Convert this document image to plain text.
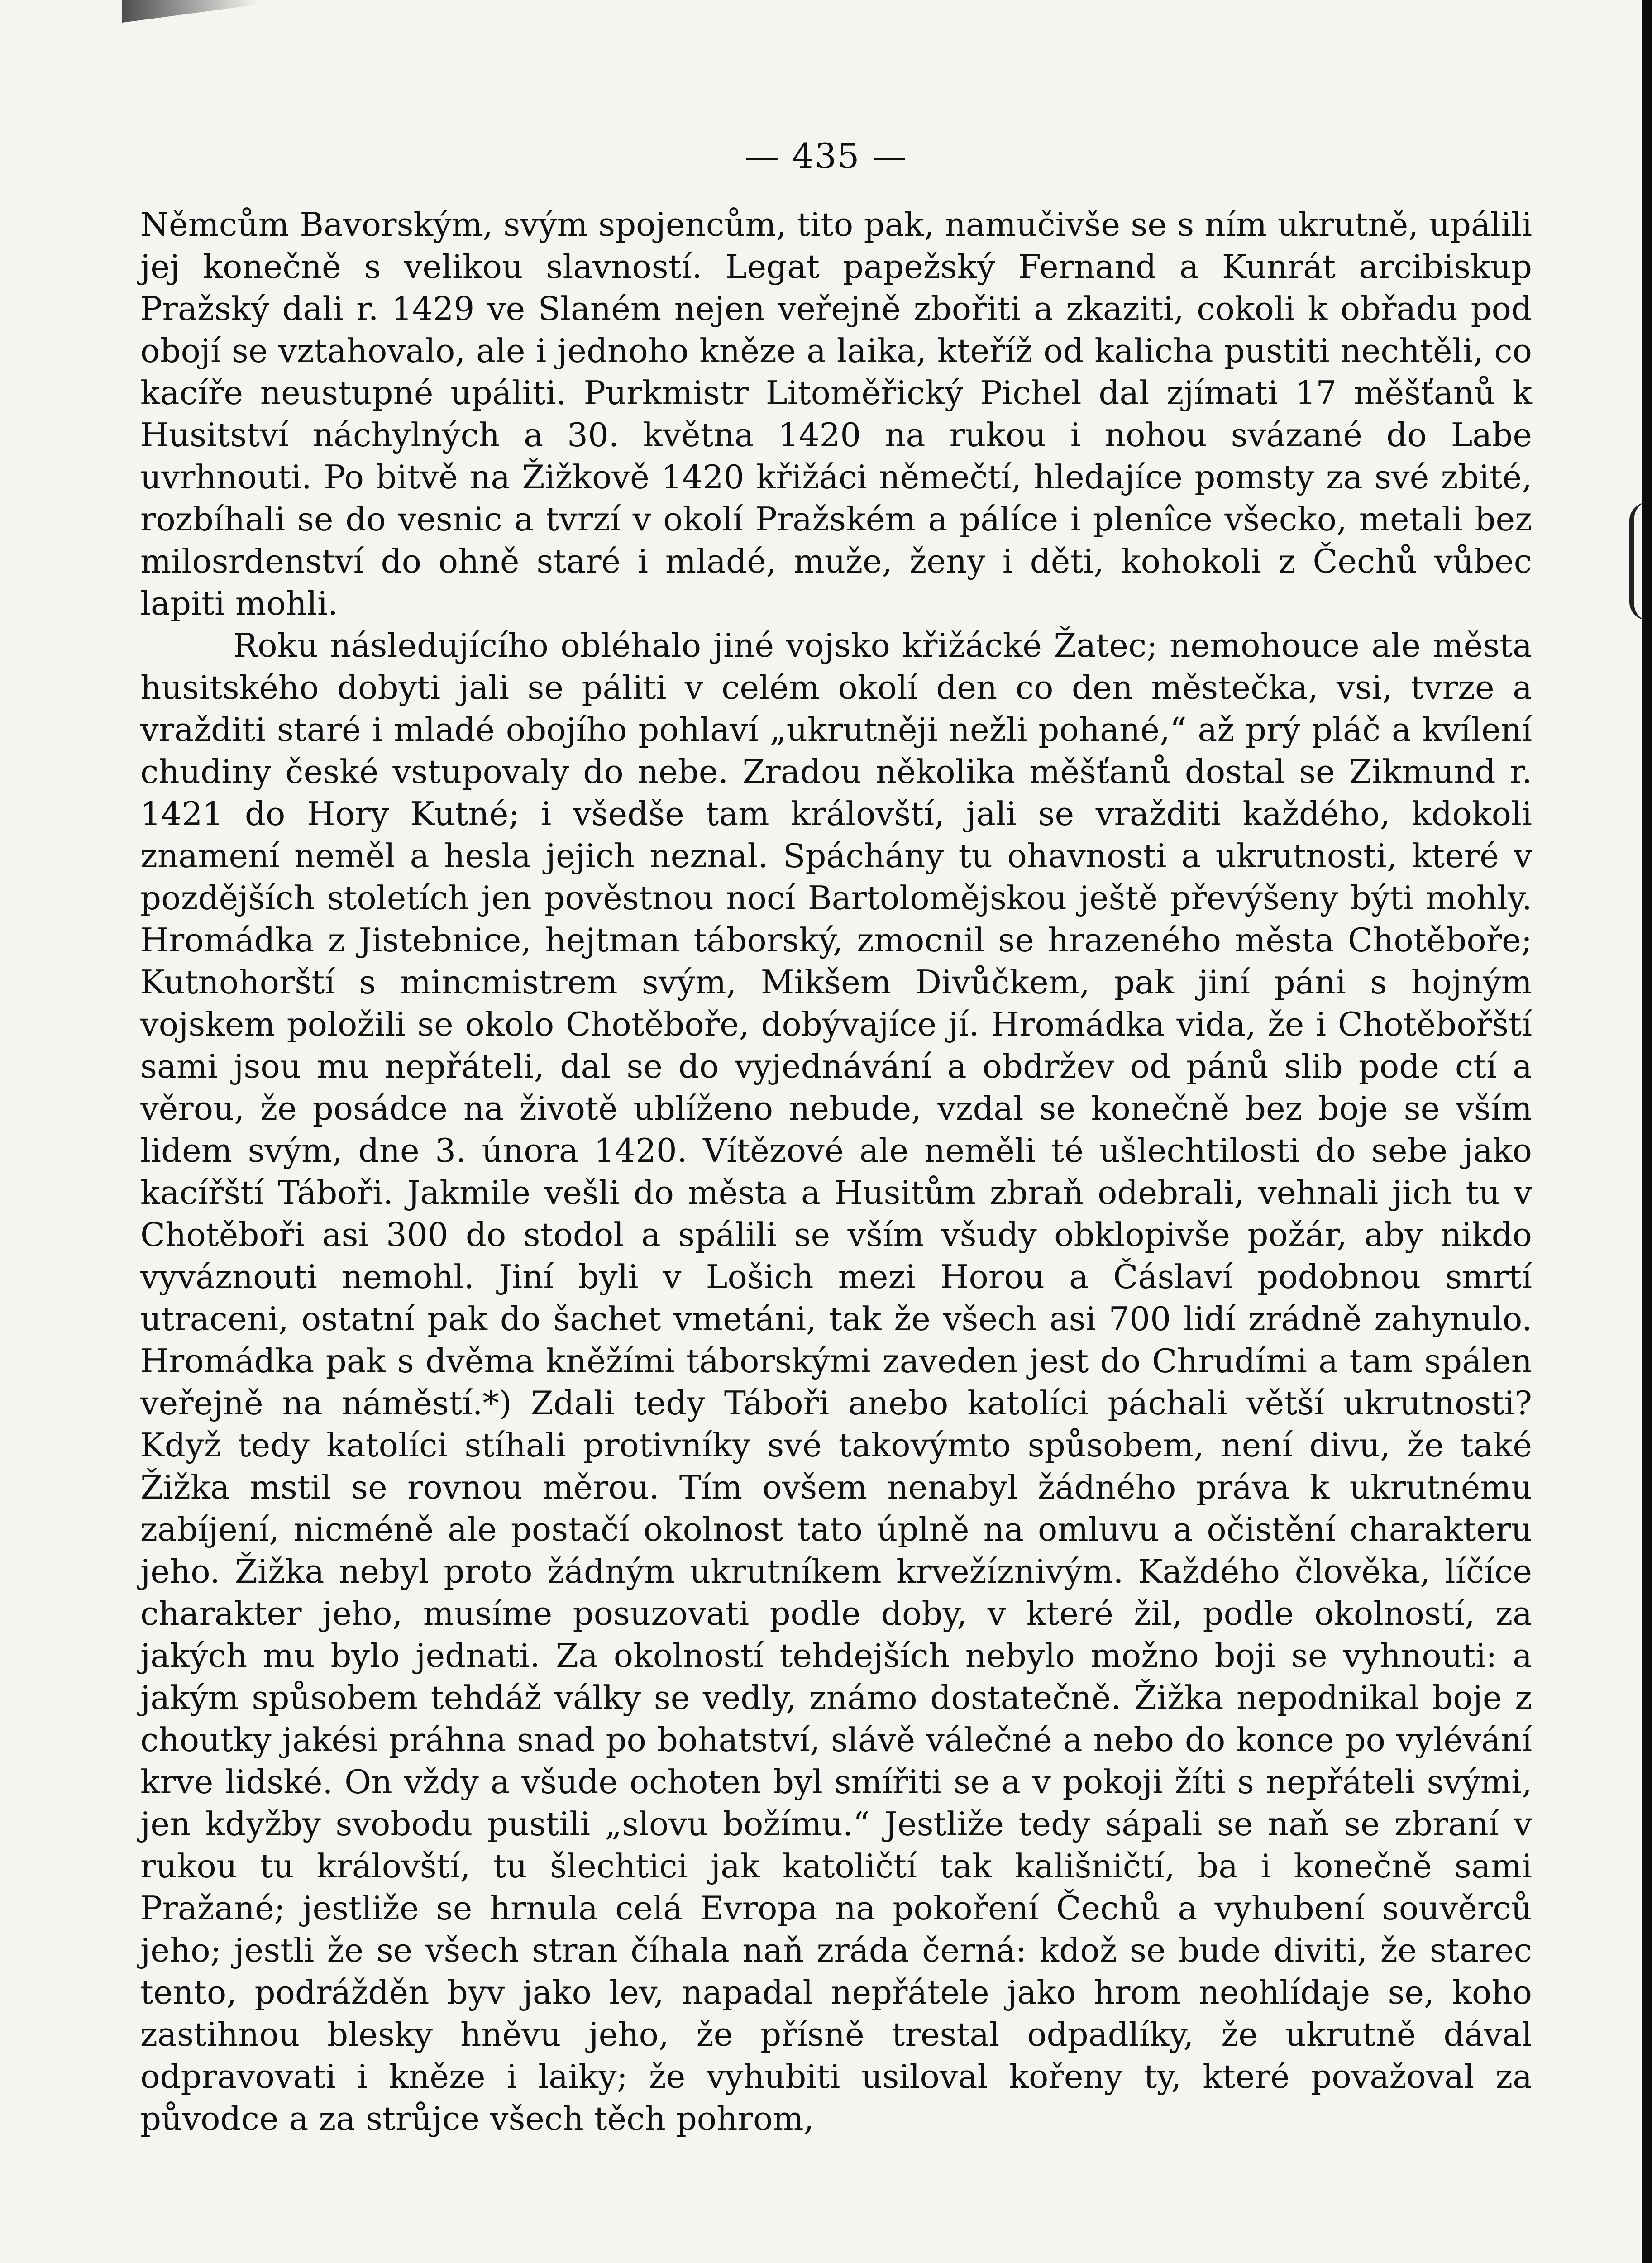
— 435 —

Němcům Bavorským, svým spojencům, tito pak, namučivše se s ním ukrutně, upálili jej konečně s velikou slavností. Legat papežský Fernand a Kunrát arcibiskup Pražský dali r. 1429 ve Slaném nejen veřejně zbořiti a zkaziti, cokoli k obřadu pod obojí se vztahovalo, ale i jednoho kněze a laika, kteříž od kalicha pustiti nechtěli, co kacíře neustupné upáliti. Purkmistr Litoměřický Pichel dal zjímati 17 měšťanů k Husitství náchylných a 30. května 1420 na rukou i nohou svázané do Labe uvrhnouti. Po bitvě na Žižkově 1420 křižáci němečtí, hledajíce pomsty za své zbité, rozbíhali se do vesnic a tvrzí v okolí Pražském a pálíce i plenîce všecko, metali bez milosrdenství do ohně staré i mladé, muže, ženy i děti, kohokoli z Čechů vůbec lapiti mohli.

Roku následujícího obléhalo jiné vojsko křižácké Žatec; nemohouce ale města husitského dobyti jali se páliti v celém okolí den co den městečka, vsi, tvrze a vražditi staré i mladé obojího pohlaví „ukrutněji nežli pohané,“ až prý pláč a kvílení chudiny české vstupovaly do nebe. Zradou několika měšťanů dostal se Zikmund r. 1421 do Hory Kutné; i všedše tam královští, jali se vražditi každého, kdokoli znamení neměl a hesla jejich neznal. Spáchány tu ohavnosti a ukrutnosti, které v pozdějších stoletích jen pověstnou nocí Bartolomějskou ještě převýšeny býti mohly. Hromádka z Jistebnice, hejtman táborský, zmocnil se hrazeného města Chotěboře; Kutnohorští s mincmistrem svým, Mikšem Divůčkem, pak jiní páni s hojným vojskem položili se okolo Chotěboře, dobývajíce jí. Hromádka vida, že i Chotěbořští sami jsou mu nepřáteli, dal se do vyjednávání a obdržev od pánů slib pode ctí a věrou, že posádce na životě ublíženo nebude, vzdal se konečně bez boje se vším lidem svým, dne 3. února 1420. Vítězové ale neměli té ušlechtilosti do sebe jako kacířští Táboři. Jakmile vešli do města a Husitům zbraň odebrali, vehnali jich tu v Chotěboři asi 300 do stodol a spálili se vším všudy obklopivše požár, aby nikdo vyváznouti nemohl. Jiní byli v Lošich mezi Horou a Čáslaví podobnou smrtí utraceni, ostatní pak do šachet vmetáni, tak že všech asi 700 lidí zrádně zahynulo. Hromádka pak s dvěma kněžími táborskými zaveden jest do Chrudími a tam spálen veřejně na náměstí.*) Zdali tedy Táboři anebo katolíci páchali větší ukrutnosti? Když tedy katolíci stíhali protivníky své takovýmto spůsobem, není divu, že také Žižka mstil se rovnou měrou. Tím ovšem nenabyl žádného práva k ukrutnému zabíjení, nicméně ale postačí okolnost tato úplně na omluvu a očistění charakteru jeho. Žižka nebyl proto žádným ukrutníkem krvežíznivým. Každého člověka, líčíce charakter jeho, musíme posuzovati podle doby, v které žil, podle okolností, za jakých mu bylo jednati. Za okolností tehdejších nebylo možno boji se vyhnouti: a jakým spůsobem tehdáž války se vedly, známo dostatečně. Žižka nepodnikal boje z choutky jakési práhna snad po bohatství, slávě válečné a nebo do konce po vylévání krve lidské. On vždy a všude ochoten byl smířiti se a v pokoji žíti s nepřáteli svými, jen kdyžby svobodu pustili „slovu božímu.“ Jestliže tedy sápali se naň se zbraní v rukou tu královští, tu šlechtici jak katoličtí tak kališničtí, ba i konečně sami Pražané; jestliže se hrnula celá Evropa na pokoření Čechů a vyhubení souvěrců jeho; jestli že se všech stran číhala naň zráda černá: kdož se bude diviti, že starec tento, podrážděn byv jako lev, napadal nepřátele jako hrom neohlídaje se, koho zastihnou blesky hněvu jeho, že přísně trestal odpadlíky, že ukrutně dával odpravovati i kněze i laiky; že vyhubiti usiloval kořeny ty, které považoval za původce a za strůjce všech těch pohrom,
